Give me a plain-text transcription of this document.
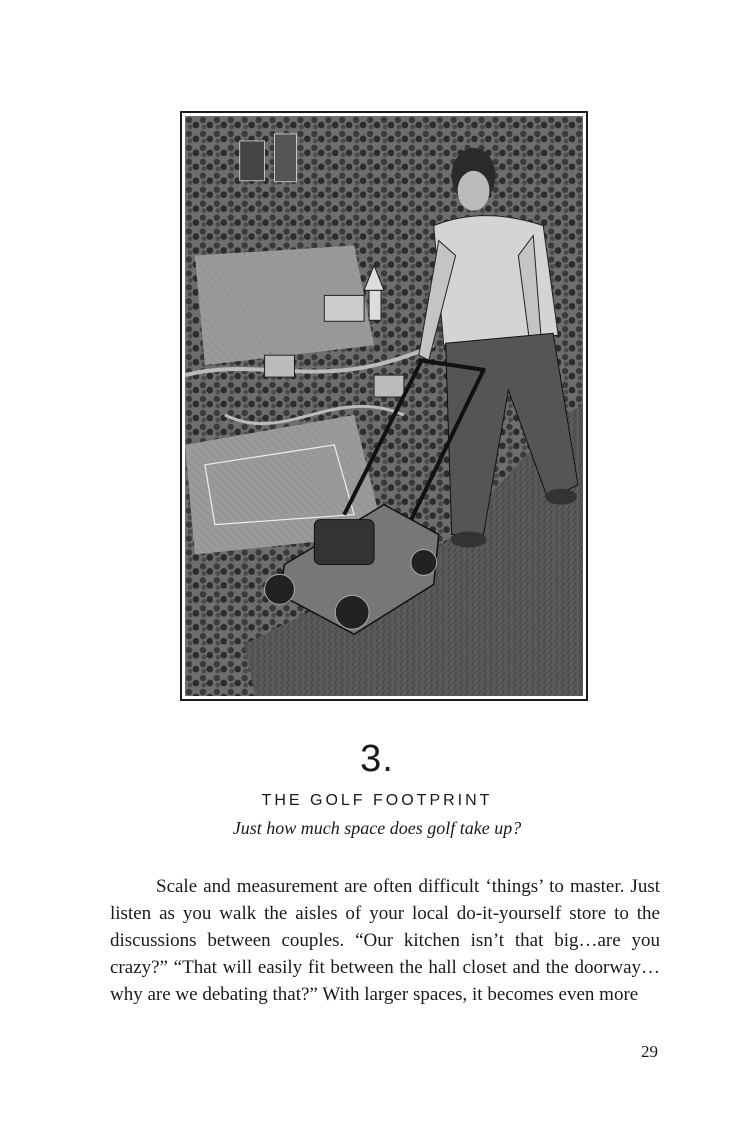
3.
THE GOLF FOOTPRINT
Just how much space does golf take up?

Scale and measurement are often difficult ‘things’ to master. Just listen as you walk the aisles of your local do-it-yourself store to the discussions between couples. “Our kitchen isn’t that big…are you crazy?” “That will easily fit between the hall closet and the doorway… why are we debating that?” With larger spaces, it becomes even more

29
